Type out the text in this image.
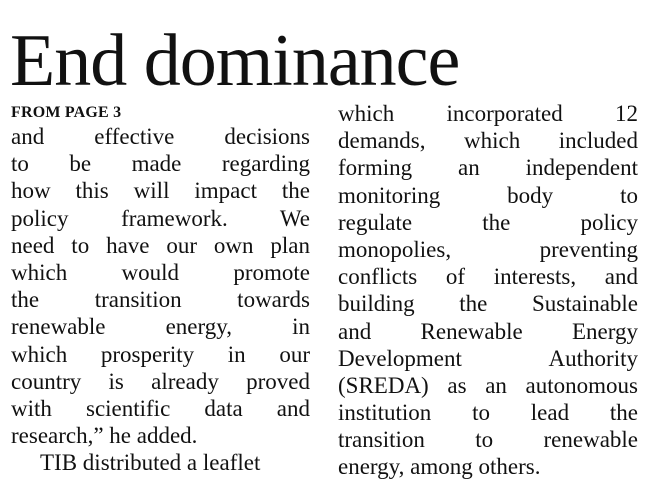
End dominance
FROM PAGE 3
and effective decisions
to be made regarding
how this will impact the
policy framework. We
need to have our own plan
which would promote
the transition towards
renewable energy, in
which prosperity in our
country is already proved
with scientific data and
research,” he added.
TIB distributed a leaflet
which incorporated 12
demands, which included
forming an independent
monitoring body to
regulate the policy
monopolies, preventing
conflicts of interests, and
building the Sustainable
and Renewable Energy
Development Authority
(SREDA) as an autonomous
institution to lead the
transition to renewable
energy, among others.
